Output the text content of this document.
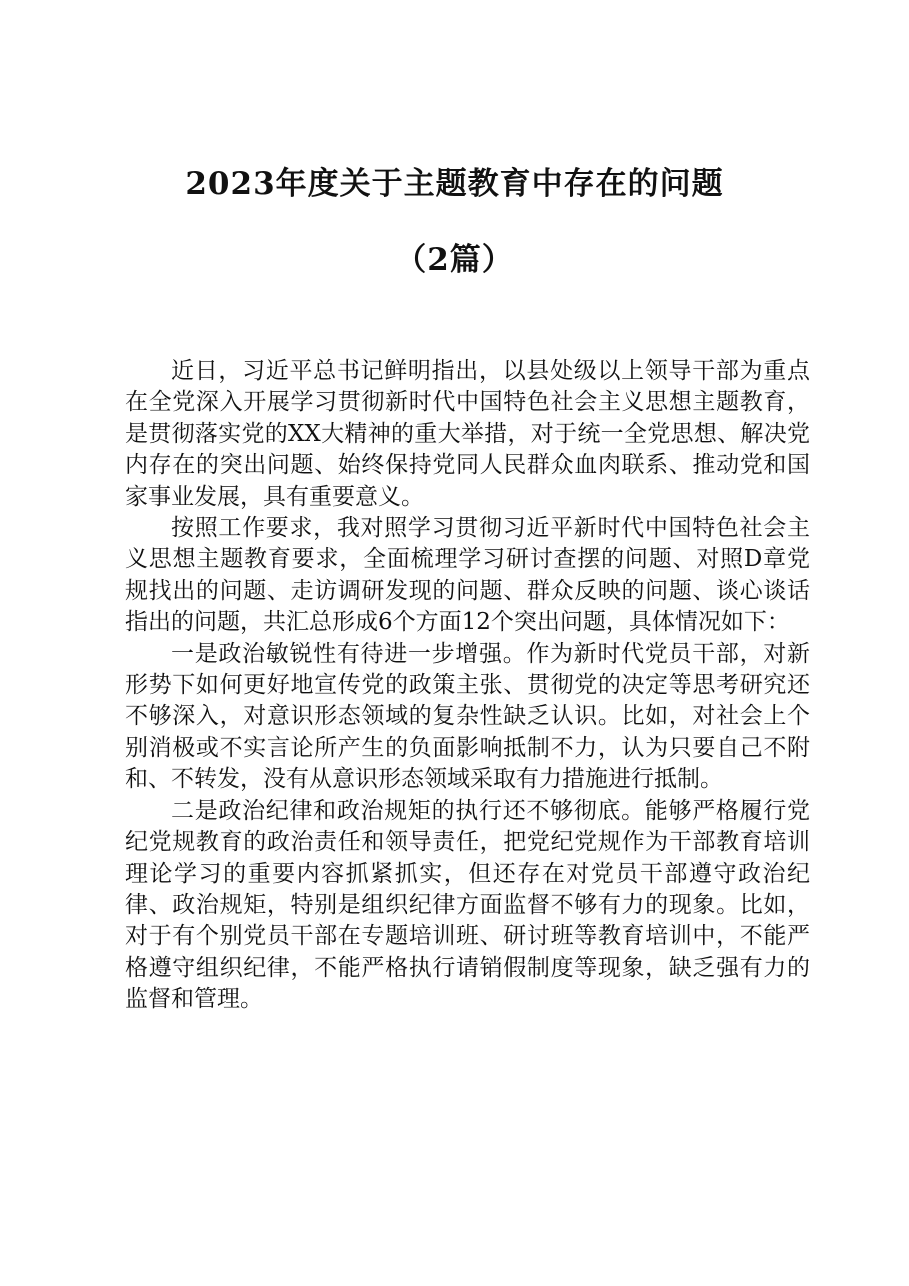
2023年度关于主题教育中存在的问题
（2篇）

近日，习近平总书记鲜明指出，以县处级以上领导干部为重点在全党深入开展学习贯彻新时代中国特色社会主义思想主题教育，是贯彻落实党的XX大精神的重大举措，对于统一全党思想、解决党内存在的突出问题、始终保持党同人民群众血肉联系、推动党和国家事业发展，具有重要意义。

按照工作要求，我对照学习贯彻习近平新时代中国特色社会主义思想主题教育要求，全面梳理学习研讨查摆的问题、对照D章党规找出的问题、走访调研发现的问题、群众反映的问题、谈心谈话指出的问题，共汇总形成6个方面12个突出问题，具体情况如下：

一是政治敏锐性有待进一步增强。作为新时代党员干部，对新形势下如何更好地宣传党的政策主张、贯彻党的决定等思考研究还不够深入，对意识形态领域的复杂性缺乏认识。比如，对社会上个别消极或不实言论所产生的负面影响抵制不力，认为只要自己不附和、不转发，没有从意识形态领域采取有力措施进行抵制。

二是政治纪律和政治规矩的执行还不够彻底。能够严格履行党纪党规教育的政治责任和领导责任，把党纪党规作为干部教育培训理论学习的重要内容抓紧抓实，但还存在对党员干部遵守政治纪律、政治规矩，特别是组织纪律方面监督不够有力的现象。比如，对于有个别党员干部在专题培训班、研讨班等教育培训中，不能严格遵守组织纪律，不能严格执行请销假制度等现象，缺乏强有力的监督和管理。
